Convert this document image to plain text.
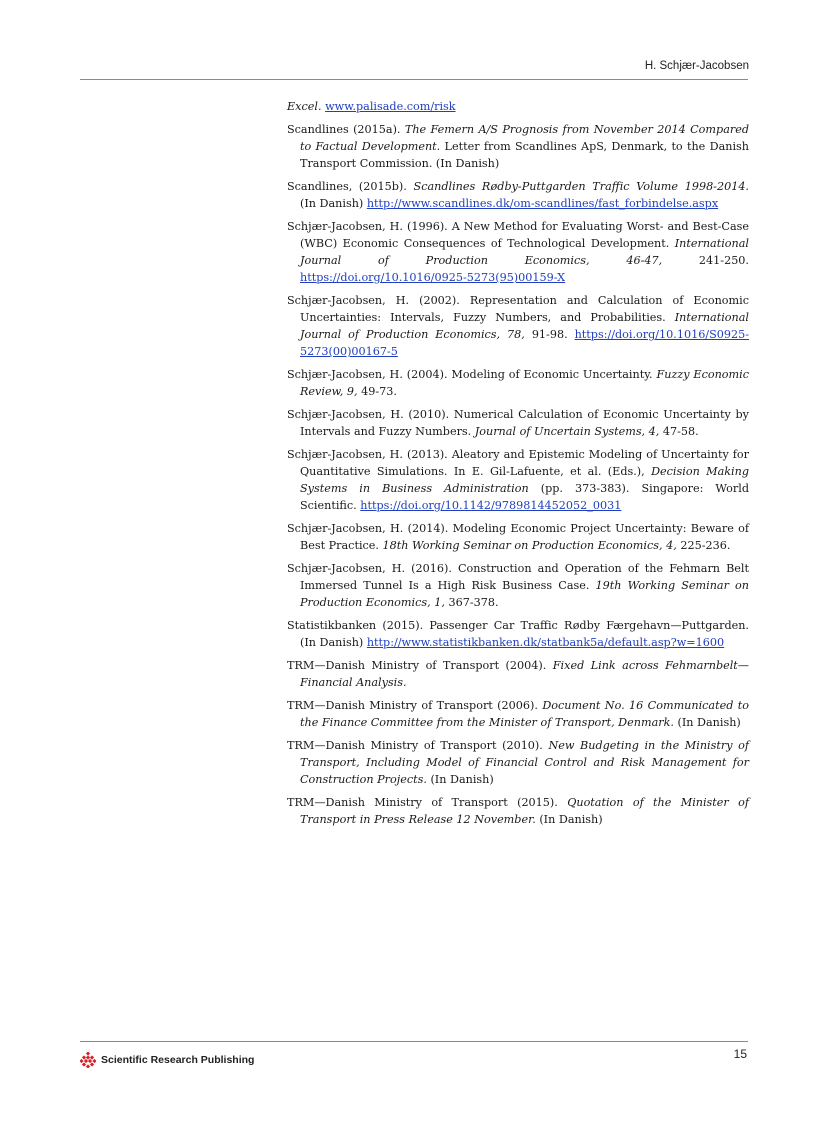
H. Schjær-Jacobsen

Excel. www.palisade.com/risk

Scandlines (2015a). The Femern A/S Prognosis from November 2014 Compared to Factual Development. Letter from Scandlines ApS, Denmark, to the Danish Transport Commission. (In Danish)

Scandlines, (2015b). Scandlines Rødby-Puttgarden Traffic Volume 1998-2014. (In Danish) http://www.scandlines.dk/om-scandlines/fast_forbindelse.aspx

Schjær-Jacobsen, H. (1996). A New Method for Evaluating Worst- and Best-Case (WBC) Economic Consequences of Technological Development. International Journal of Production Economics, 46-47, 241-250. https://doi.org/10.1016/0925-5273(95)00159-X

Schjær-Jacobsen, H. (2002). Representation and Calculation of Economic Uncertainties: Intervals, Fuzzy Numbers, and Probabilities. International Journal of Production Economics, 78, 91-98. https://doi.org/10.1016/S0925-5273(00)00167-5

Schjær-Jacobsen, H. (2004). Modeling of Economic Uncertainty. Fuzzy Economic Review, 9, 49-73.

Schjær-Jacobsen, H. (2010). Numerical Calculation of Economic Uncertainty by Intervals and Fuzzy Numbers. Journal of Uncertain Systems, 4, 47-58.

Schjær-Jacobsen, H. (2013). Aleatory and Epistemic Modeling of Uncertainty for Quantitative Simulations. In E. Gil-Lafuente, et al. (Eds.), Decision Making Systems in Business Administration (pp. 373-383). Singapore: World Scientific. https://doi.org/10.1142/9789814452052_0031

Schjær-Jacobsen, H. (2014). Modeling Economic Project Uncertainty: Beware of Best Practice. 18th Working Seminar on Production Economics, 4, 225-236.

Schjær-Jacobsen, H. (2016). Construction and Operation of the Fehmarn Belt Immersed Tunnel Is a High Risk Business Case. 19th Working Seminar on Production Economics, 1, 367-378.

Statistikbanken (2015). Passenger Car Traffic Rødby Færgehavn—Puttgarden. (In Danish) http://www.statistikbanken.dk/statbank5a/default.asp?w=1600

TRM—Danish Ministry of Transport (2004). Fixed Link across Fehmarnbelt—Financial Analysis.

TRM—Danish Ministry of Transport (2006). Document No. 16 Communicated to the Finance Committee from the Minister of Transport, Denmark. (In Danish)

TRM—Danish Ministry of Transport (2010). New Budgeting in the Ministry of Transport, Including Model of Financial Control and Risk Management for Construction Projects. (In Danish)

TRM—Danish Ministry of Transport (2015). Quotation of the Minister of Transport in Press Release 12 November. (In Danish)

Scientific Research Publishing	15
